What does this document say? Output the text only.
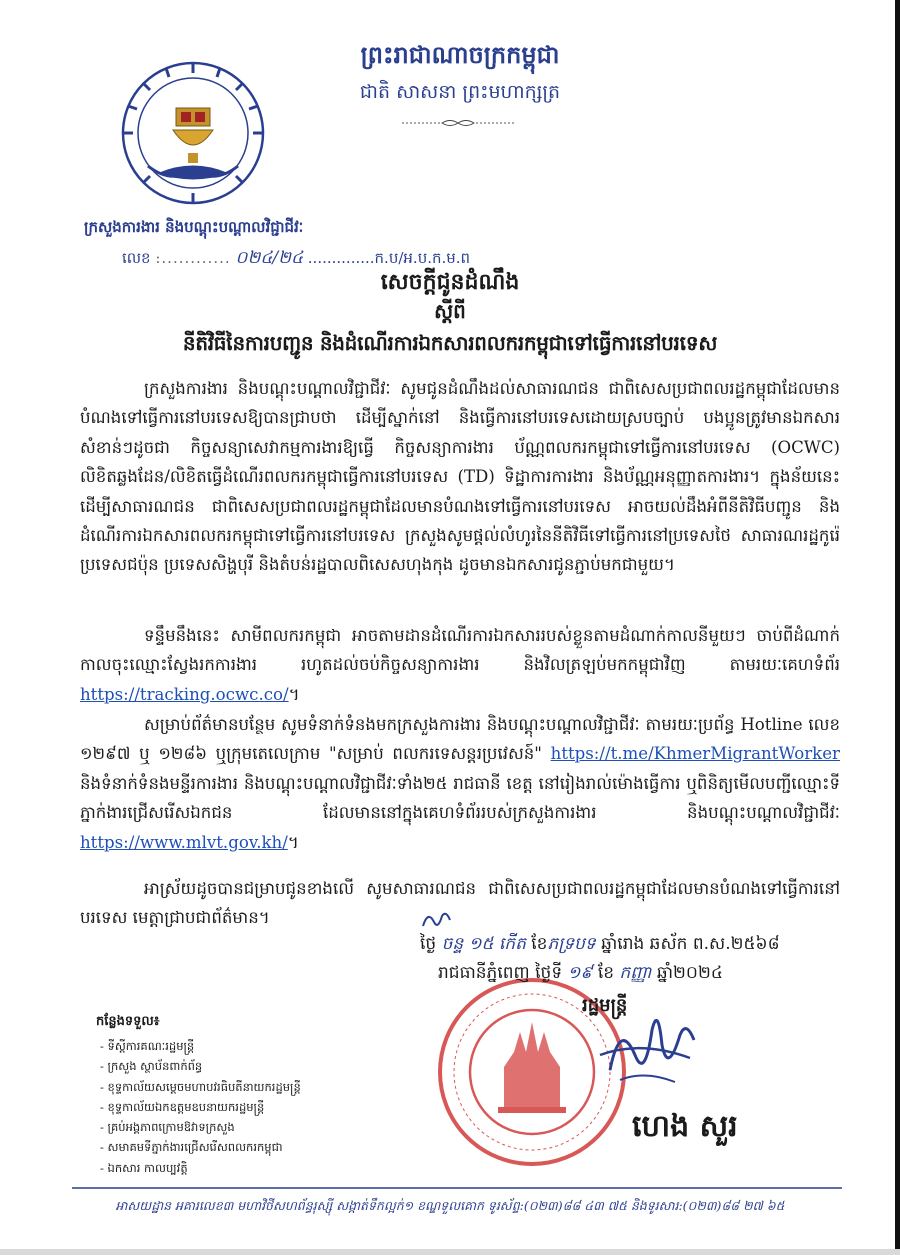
ព្រះរាជាណាចក្រកម្ពុជា
ជាតិ សាសនា ព្រះមហាក្សត្រ
ក្រសួងការងារ និងបណ្តុះបណ្តាលវិជ្ជាជីវៈ
លេខ :............ ០២៤/២៤ ..............ក.ប/អ.ប.ក.ម.ព
សេចក្តីជូនដំណឹង
ស្តីពី
នីតិវិធីនៃការបញ្ជូន និងដំណើរការឯកសារពលករកម្ពុជាទៅធ្វើការនៅបរទេស
ក្រសួងការងារ និងបណ្តុះបណ្តាលវិជ្ជាជីវៈ សូមជូនដំណឹងដល់សាធារណជន ជាពិសេសប្រជាពលរដ្ឋកម្ពុជាដែលមានបំណងទៅធ្វើការនៅបរទេសឱ្យបានជ្រាបថា ដើម្បីស្នាក់នៅ និងធ្វើការនៅបរទេសដោយស្របច្បាប់ បងប្អូនត្រូវមានឯកសារសំខាន់ៗដូចជា កិច្ចសន្យាសេវាកម្មការងារឱ្យធ្វើ កិច្ចសន្យាការងារ ប័ណ្ណពលករកម្ពុជាទៅធ្វើការនៅបរទេស (OCWC) លិខិតឆ្លងដែន/លិខិតធ្វើដំណើរពលករកម្ពុជាធ្វើការនៅបរទេស (TD) ទិដ្ឋាការការងារ និងប័ណ្ណអនុញ្ញាតការងារ។ ក្នុងន័យនេះ ដើម្បីសាធារណជន ជាពិសេសប្រជាពលរដ្ឋកម្ពុជាដែលមានបំណងទៅធ្វើការនៅបរទេស អាចយល់ដឹងអំពីនីតិវិធីបញ្ជូន និងដំណើរការឯកសារពលករកម្ពុជាទៅធ្វើការនៅបរទេស ក្រសួងសូមផ្តល់លំហូរនៃនីតិវិធីទៅធ្វើការនៅប្រទេសថៃ សាធារណរដ្ឋកូរ៉េ ប្រទេសជប៉ុន ប្រទេសសិង្ហបុរី និងតំបន់រដ្ឋបាលពិសេសហុងកុង ដូចមានឯកសារជូនភ្ជាប់មកជាមួយ។
ទន្ទឹមនឹងនេះ សាមីពលករកម្ពុជា អាចតាមដានដំណើរការឯកសាររបស់ខ្លួនតាមដំណាក់កាលនីមួយៗ ចាប់ពីដំណាក់កាលចុះឈ្មោះស្វែងរកការងារ រហូតដល់ចប់កិច្ចសន្យាការងារ និងវិលត្រឡប់មកកម្ពុជាវិញ តាមរយៈគេហទំព័រ https://tracking.ocwc.co/។
សម្រាប់ព័ត៌មានបន្ថែម សូមទំនាក់ទំនងមកក្រសួងការងារ និងបណ្តុះបណ្តាលវិជ្ជាជីវៈ តាមរយៈប្រព័ន្ធ Hotline លេខ ១២៩៧ ឬ ១២៨៦ ឬក្រុមតេលេក្រាម "សម្រាប់ ពលករទេសន្តរប្រវេសន៍" https://t.me/KhmerMigrantWorker និងទំនាក់ទំនងមន្ទីរការងារ និងបណ្តុះបណ្តាលវិជ្ជាជីវៈទាំង២៥ រាជធានី ខេត្ត នៅរៀងរាល់ម៉ោងធ្វើការ ឬពិនិត្យមើលបញ្ជីឈ្មោះទីភ្នាក់ងារជ្រើសរើសឯកជន ដែលមាននៅក្នុងគេហទំព័ររបស់ក្រសួងការងារ និងបណ្តុះបណ្តាលវិជ្ជាជីវៈ https://www.mlvt.gov.kh/។
អាស្រ័យដូចបានជម្រាបជូនខាងលើ សូមសាធារណជន ជាពិសេសប្រជាពលរដ្ឋកម្ពុជាដែលមានបំណងទៅធ្វើការនៅបរទេស មេត្តាជ្រាបជាព័ត៌មាន។
ថ្ងៃ ចន្ទ ១៥ កើត ខែភទ្របទ ឆ្នាំរោង ឆស័ក ព.ស.២៥៦៨
រាជធានីភ្នំពេញ ថ្ងៃទី ១៩ ខែ កញ្ញា ឆ្នាំ២០២៤
រដ្ឋមន្ត្រី
ហេង សួរ
កន្លែងទទួល៖
- ទីស្តីការគណៈរដ្ឋមន្ត្រី
- ក្រសួង ស្ថាប័នពាក់ព័ន្ធ
- ខុទ្ទកាល័យសម្តេចមហាបវរធិបតីនាយករដ្ឋមន្ត្រី
- ខុទ្ទកាល័យឯកឧត្តមឧបនាយករដ្ឋមន្ត្រី
- គ្រប់អង្គភាពក្រោមឱវាទក្រសួង
- សមាគមទីភ្នាក់ងារជ្រើសរើសពលករកម្ពុជា
- ឯកសារ កាលប្បវត្តិ
អាសយដ្ឋាន អគារលេខ៣ មហាវិថីសហព័ន្ធរុស្ស៊ី សង្កាត់ទឹកល្អក់១ ខណ្ឌទួលគោក ទូរស័ព្ទ:(០២៣)៨៨ ៤៣ ៧៥ និងទូរសារ:(០២៣)៨៨ ២៧ ៦៥
